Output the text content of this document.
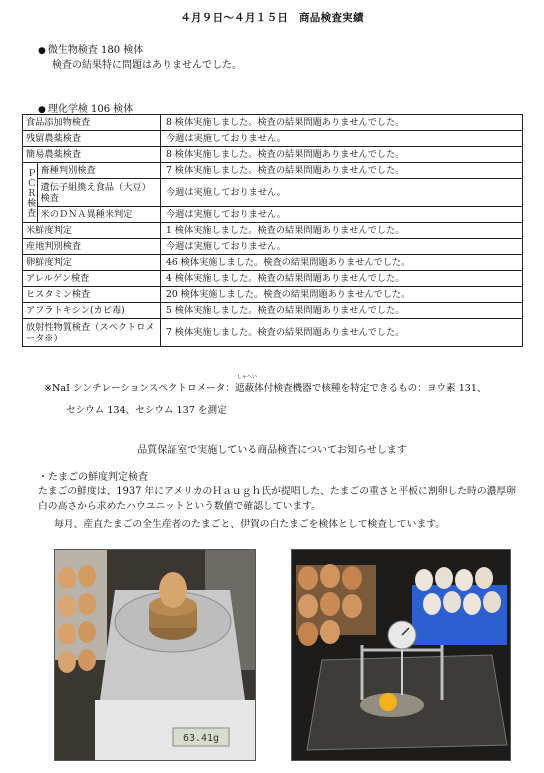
４月９日～４月１５日　商品検査実績
● 微生物検査 180 検体
検査の結果特に問題はありませんでした。
● 理化学検 106 検体
食品添加物検査		8 検体実施しました。検査の結果問題ありませんでした。
残留農薬検査		今週は実施しておりません。
簡易農薬検査		8 検体実施しました。検査の結果問題ありませんでした。

ＰＣＲ検査	畜種判別検査	7 検体実施しました。検査の結果問題ありませんでした。
	遺伝子組換え食品（大豆）検査	今週は実施しておりません。
	米のＤＮＡ異種米判定	今週は実施しておりません。
米鮮度判定		1 検体実施しました。検査の結果問題ありませんでした。
産地判別検査		今週は実施しておりません。
卵鮮度判定		46 検体実施しました。検査の結果問題ありませんでした。
アレルゲン検査		4 検体実施しました。検査の結果問題ありませんでした。
ヒスタミン検査		20 検体実施しました。検査の結果問題ありませんでした。
アフラトキシン(カビ毒)		5 検体実施しました。検査の結果問題ありませんでした。
放射性物質検査（スペクトロメータ※）		7 検体実施しました。検査の結果問題ありませんでした。
※NaI シンチレーションスペクトロメータ：
しゃへい
遮蔽体付検査機器で核種を特定できるもの：ヨウ素 131、
セシウム 134、セシウム 137 を測定
品質保証室で実施している商品検査についてお知らせします
・たまごの鮮度判定検査
たまごの鮮度は、1937 年にアメリカのＨａｕｇｈ氏が提唱した、たまごの重さと平板に割卵した時の濃厚卵白の高さから求めたハウユニットという数値で確認しています。
毎月、産直たまごの全生産者のたまごと、伊賀の白たまごを検体として検査しています。
63.41g
